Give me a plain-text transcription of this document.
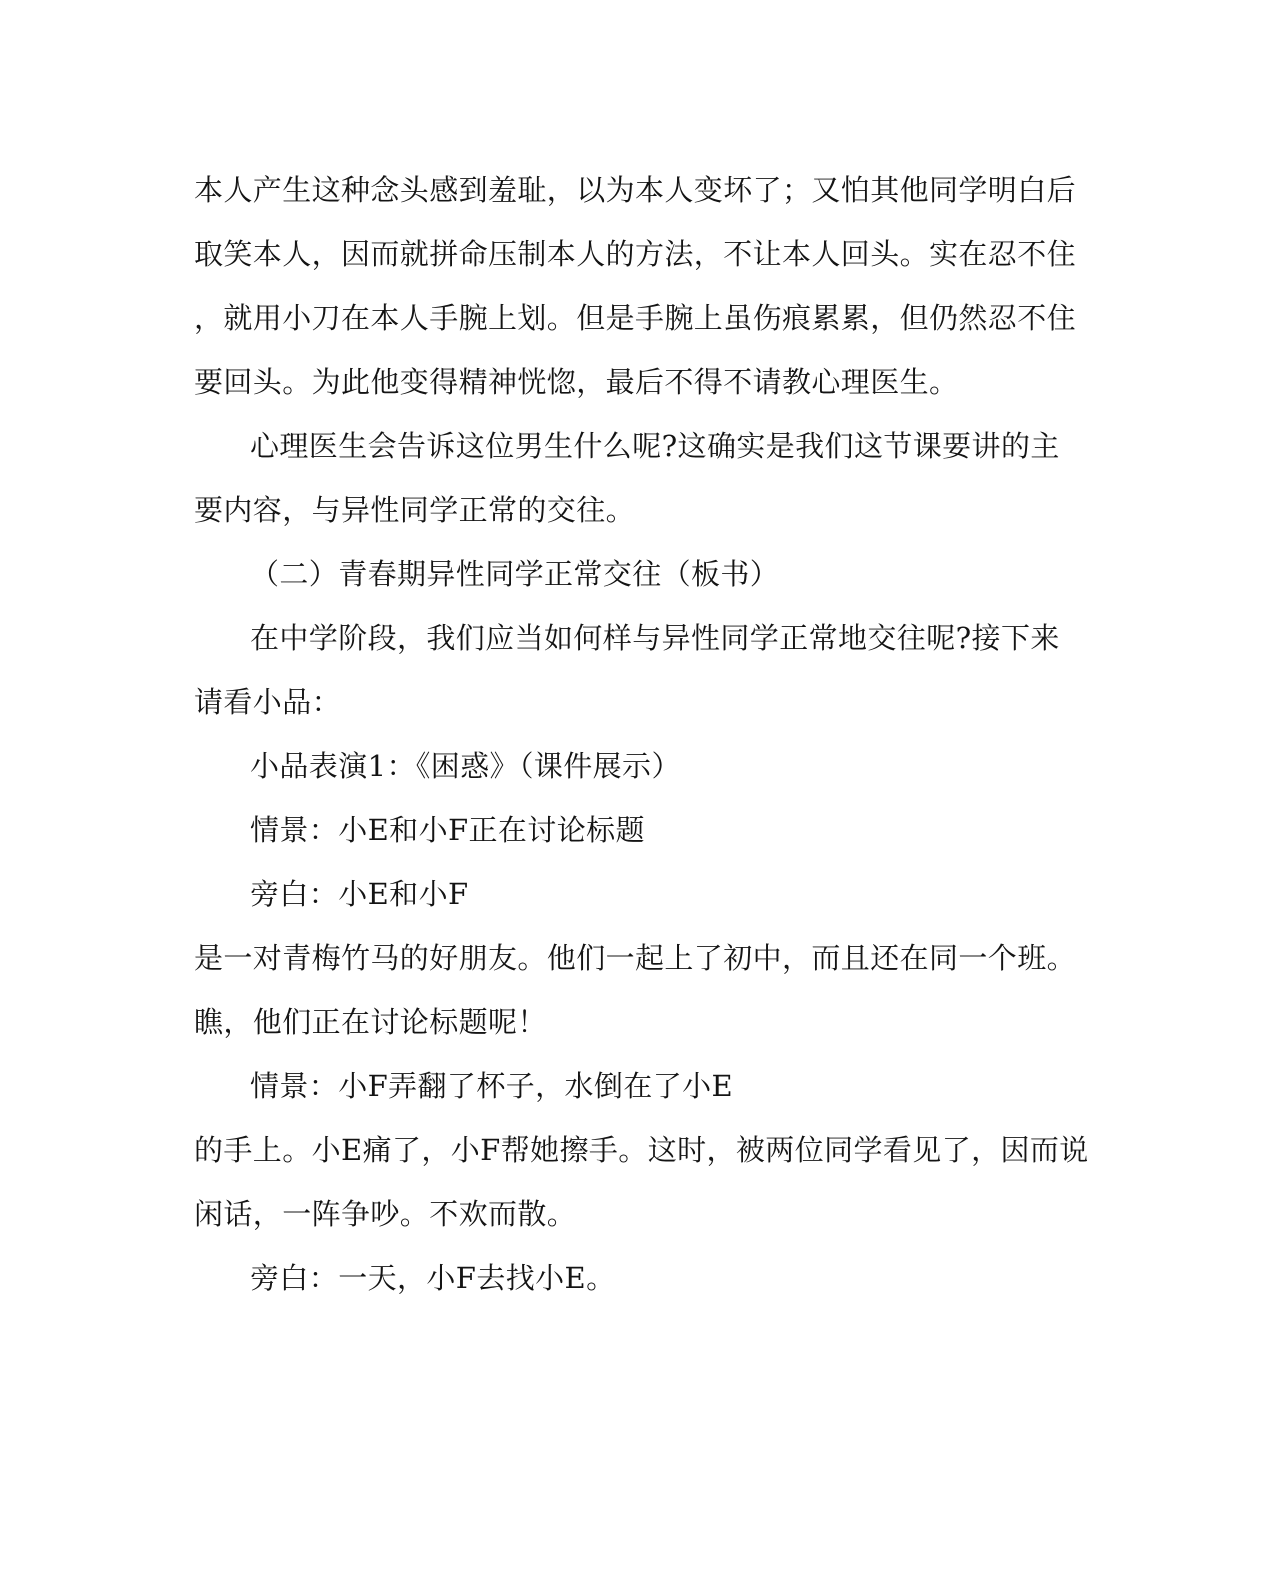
本人产生这种念头感到羞耻，以为本人变坏了；又怕其他同学明白后
取笑本人，因而就拼命压制本人的方法，不让本人回头。实在忍不住
，就用小刀在本人手腕上划。但是手腕上虽伤痕累累，但仍然忍不住
要回头。为此他变得精神恍惚，最后不得不请教心理医生。
心理医生会告诉这位男生什么呢?这确实是我们这节课要讲的主
要内容，与异性同学正常的交往。
（二）青春期异性同学正常交往（板书）
在中学阶段，我们应当如何样与异性同学正常地交往呢?接下来
请看小品：
小品表演1：《困惑》（课件展示）
情景：小E和小F正在讨论标题
旁白：小E和小F
是一对青梅竹马的好朋友。他们一起上了初中，而且还在同一个班。
瞧，他们正在讨论标题呢！
情景：小F弄翻了杯子，水倒在了小E
的手上。小E痛了，小F帮她擦手。这时，被两位同学看见了，因而说
闲话，一阵争吵。不欢而散。
旁白：一天，小F去找小E。
